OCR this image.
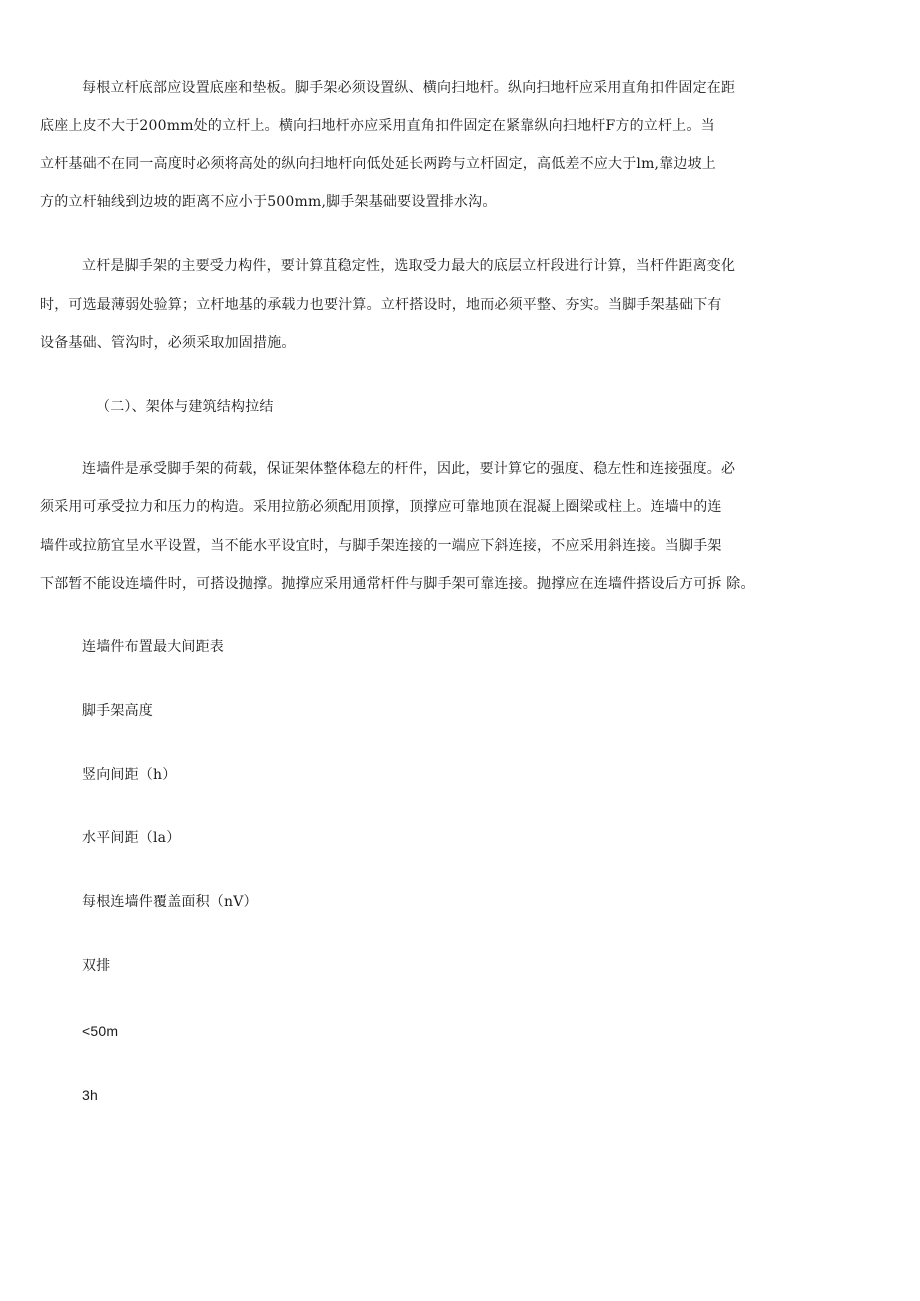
每根立杆底部应设置底座和垫板。脚手架必须设置纵、横向扫地杆。纵向扫地杆应采用直角扣件固定在距
底座上皮不大于200mm处的立杆上。横向扫地杆亦应采用直角扣件固定在紧靠纵向扫地杆F方的立杆上。当
立杆基础不在同一高度时必须将高处的纵向扫地杆向低处延长两跨与立杆固定，高低差不应大于lm,靠边坡上
方的立杆轴线到边坡的距离不应小于500mm,脚手架基础要设置排水沟。
立杆是脚手架的主要受力构件，要计算苴稳定性，选取受力最大的底层立杆段进行计算，当杆件距离变化
时，可选最薄弱处验算；立杆地基的承载力也要汁算。立杆搭设时，地而必须平整、夯实。当脚手架基础下有
设备基础、管沟时，必须采取加固措施。
（二）、架体与建筑结构拉结
连墙件是承受脚手架的荷载，保证架体整体稳左的杆件，因此，要计算它的强度、稳左性和连接强度。必
须采用可承受拉力和压力的构造。采用拉筋必须配用顶撑，顶撑应可靠地顶在混凝上圈梁或柱上。连墙中的连
墙件或拉筋宜呈水平设置，当不能水平设宜时，与脚手架连接的一端应下斜连接，不应采用斜连接。当脚手架
下部暂不能设连墙件时，可搭设抛撑。抛撑应采用通常杆件与脚手架可靠连接。抛撑应在连墙件搭设后方可拆 除。
连墙件布置最大间距表
脚手架高度
竖向间距（h）
水平间距（la）
每根连墙件覆盖面积（nV）
双排
<50m
3h
